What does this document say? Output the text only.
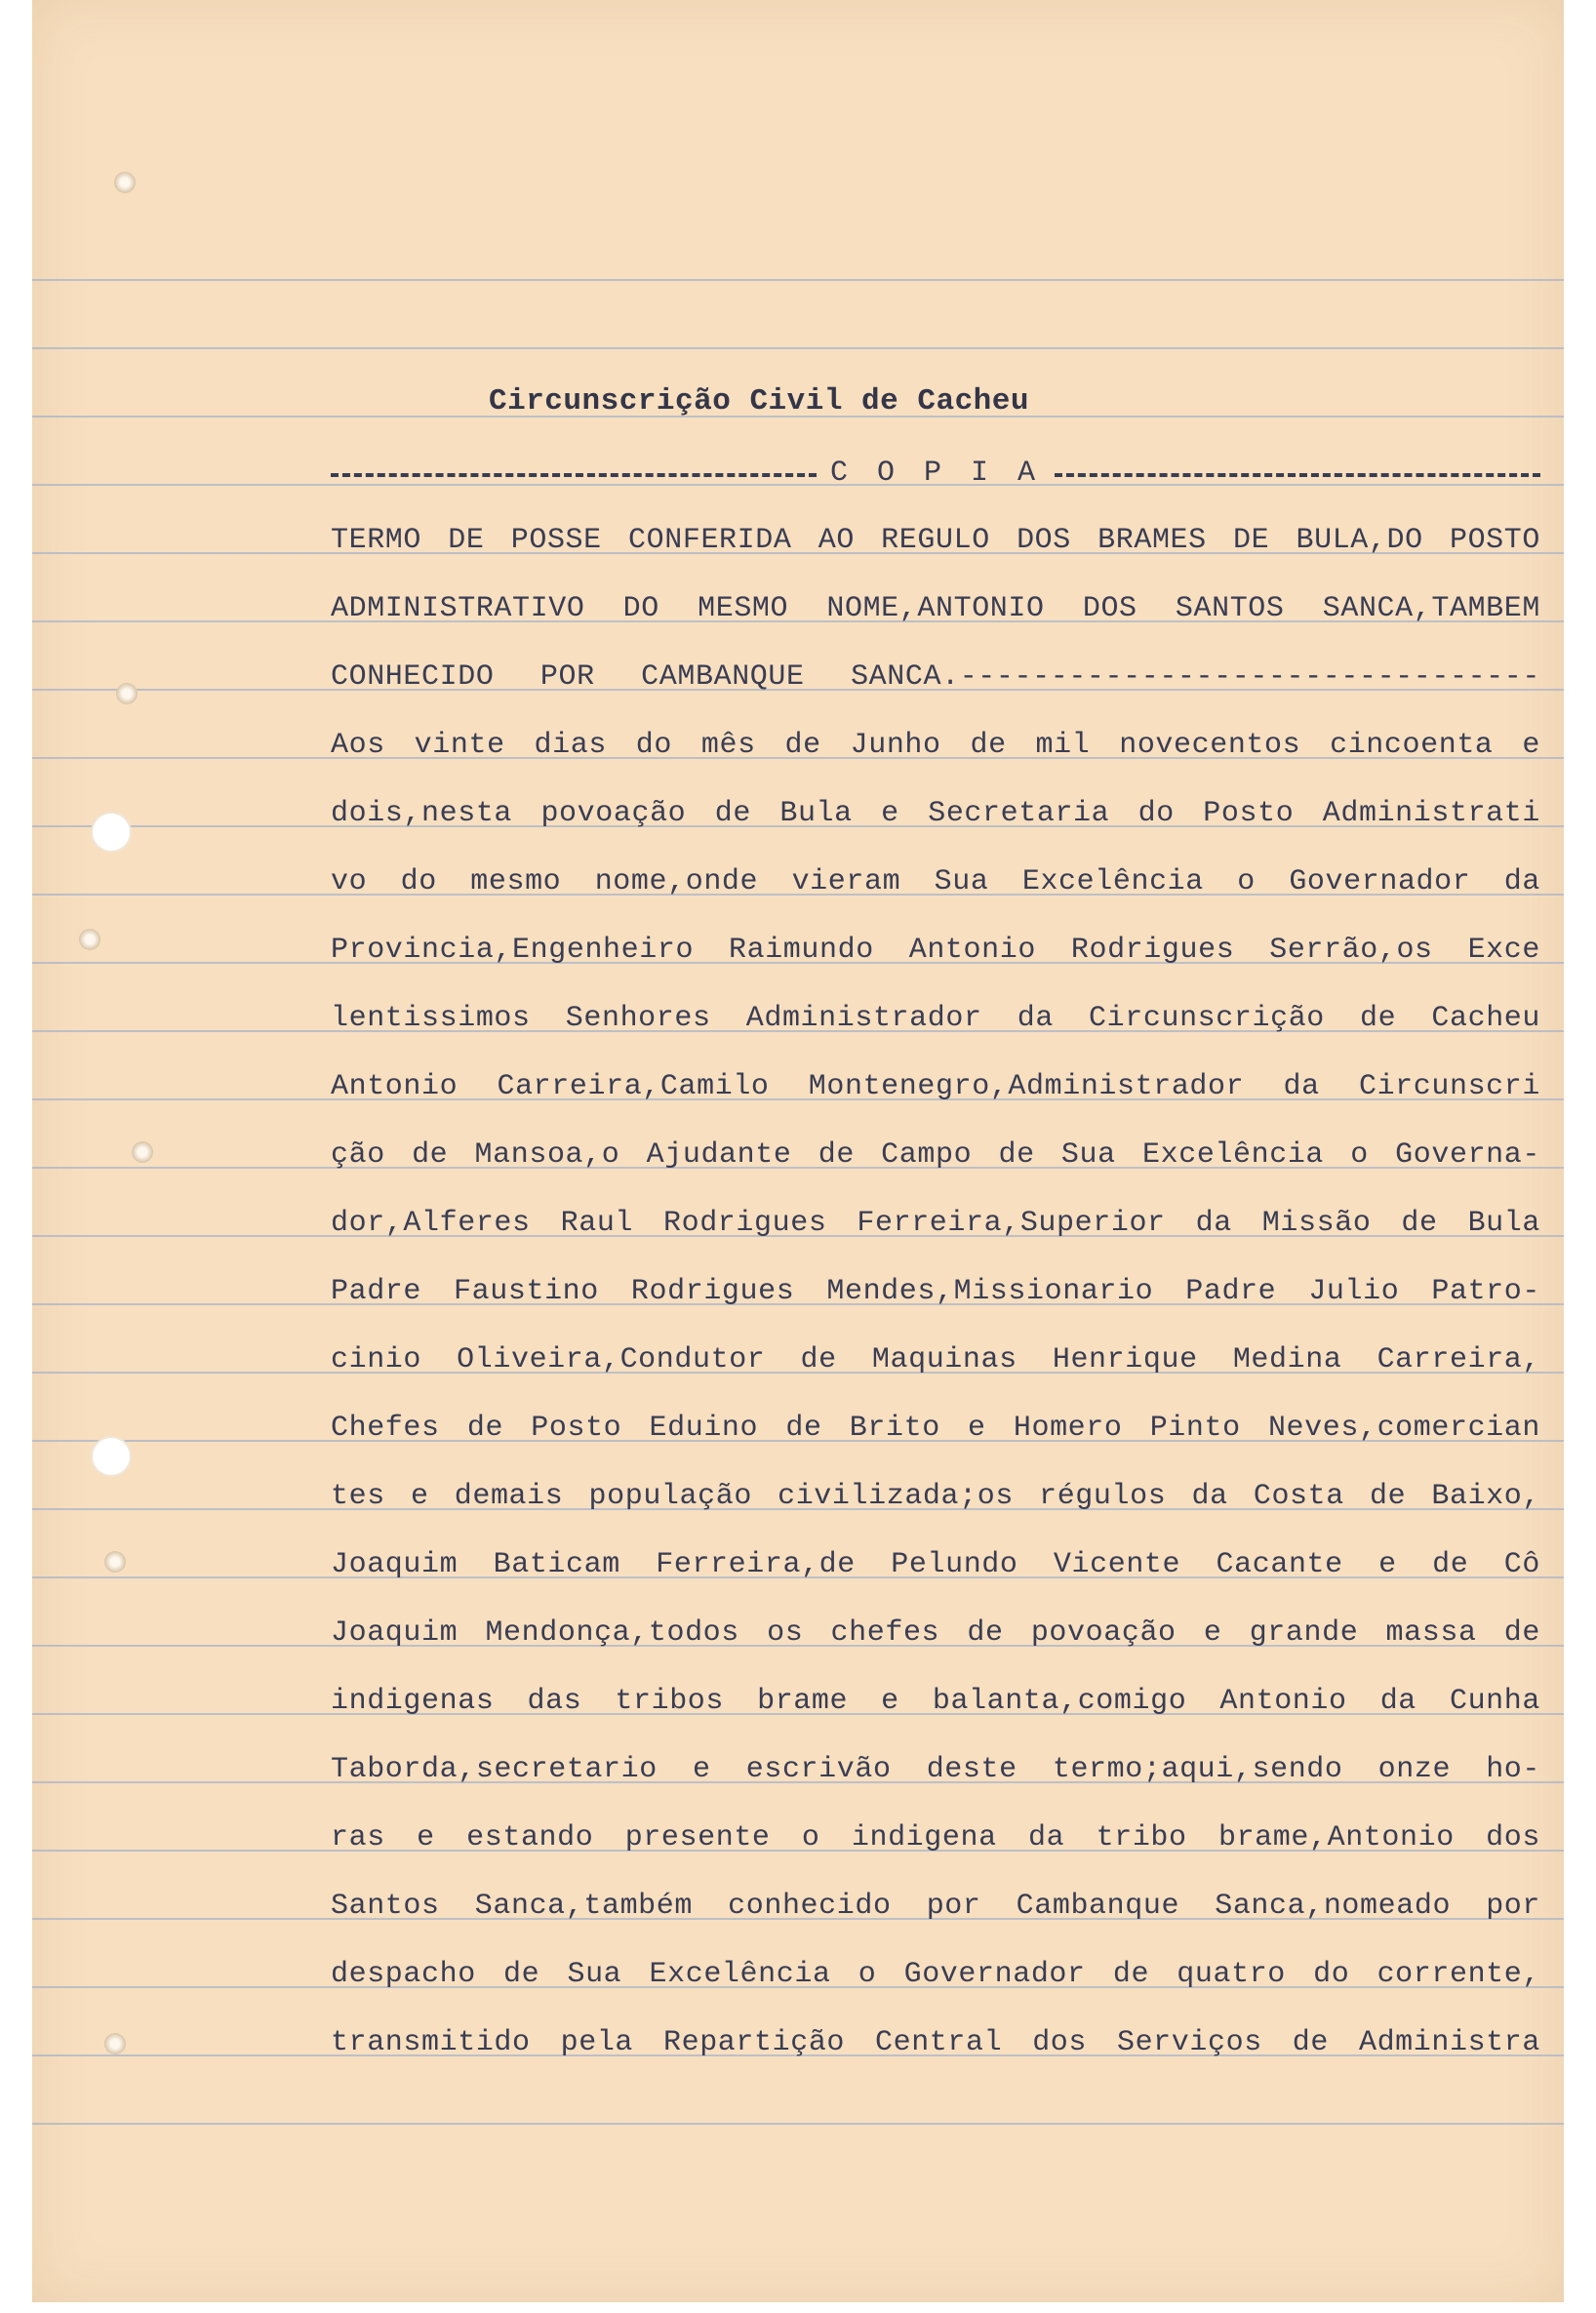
Circunscrição Civil de Cacheu
C O P I A
TERMO DE POSSE CONFERIDA AO REGULO DOS BRAMES DE BULA,DO POSTO
ADMINISTRATIVO DO MESMO NOME,ANTONIO DOS SANTOS SANCA,TAMBEM
CONHECIDO POR CAMBANQUE SANCA.--------------------------------
Aos vinte dias do mês de Junho de mil novecentos cincoenta e
dois,nesta povoação de Bula e Secretaria do Posto Administrati
vo do mesmo nome,onde vieram Sua Excelência o Governador da
Provincia,Engenheiro Raimundo Antonio Rodrigues Serrão,os Exce
lentissimos Senhores Administrador da Circunscrição de Cacheu
Antonio Carreira,Camilo Montenegro,Administrador da Circunscri
ção de Mansoa,o Ajudante de Campo de Sua Excelência o Governa-
dor,Alferes Raul Rodrigues Ferreira,Superior da Missão de Bula
Padre Faustino Rodrigues Mendes,Missionario Padre Julio Patro-
cinio Oliveira,Condutor de Maquinas Henrique Medina Carreira,
Chefes de Posto Eduino de Brito e Homero Pinto Neves,comercian
tes e demais população civilizada;os régulos da Costa de Baixo,
Joaquim Baticam Ferreira,de Pelundo Vicente Cacante e de Cô
Joaquim Mendonça,todos os chefes de povoação e grande massa de
indigenas das tribos brame e balanta,comigo Antonio da Cunha
Taborda,secretario e escrivão deste termo;aqui,sendo onze ho-
ras e estando presente o indigena da tribo brame,Antonio dos
Santos Sanca,também conhecido por Cambanque Sanca,nomeado por
despacho de Sua Excelência o Governador de quatro do corrente,
transmitido pela Repartição Central dos Serviços de Administra
